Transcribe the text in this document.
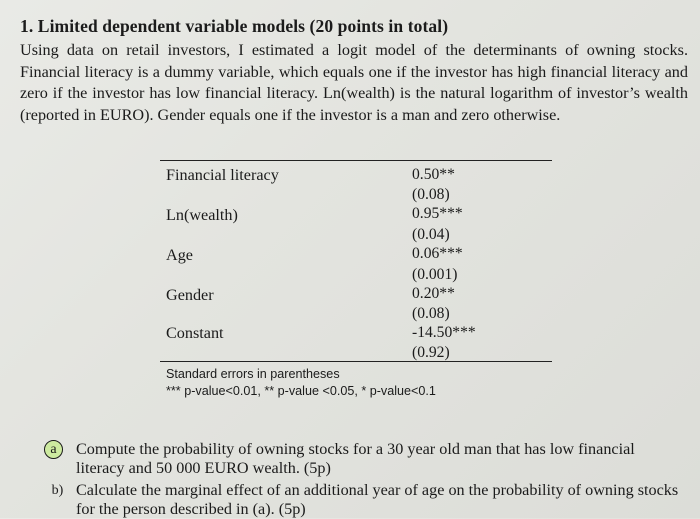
1. Limited dependent variable models (20 points in total)
Using data on retail investors, I estimated a logit model of the determinants of owning stocks. Financial literacy is a dummy variable, which equals one if the investor has high financial literacy and zero if the investor has low financial literacy. Ln(wealth) is the natural logarithm of investor’s wealth (reported in EURO). Gender equals one if the investor is a man and zero otherwise.
Financial literacy	0.50**
(0.08)
Ln(wealth)	0.95***
(0.04)
Age	0.06***
(0.001)
Gender	0.20**
(0.08)
Constant	-14.50***
(0.92)
Standard errors in parentheses
*** p-value<0.01, ** p-value <0.05, * p-value<0.1
a	Compute the probability of owning stocks for a 30 year old man that has low financial literacy and 50 000 EURO wealth. (5p)
b) Calculate the marginal effect of an additional year of age on the probability of owning stocks for the person described in (a). (5p)
